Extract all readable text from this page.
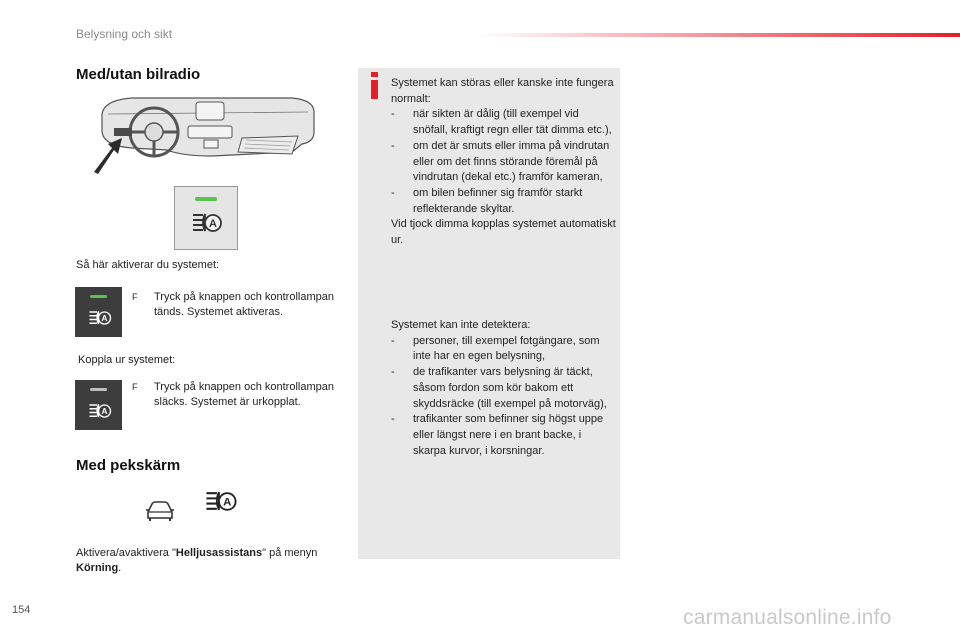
Belysning och sikt
Med/utan bilradio
A
Så här aktiverar du systemet:
A
F Tryck på knappen och kontrollampan tänds. Systemet aktiveras.
Koppla ur systemet:
A
F Tryck på knappen och kontrollampan släcks. Systemet är urkopplat.
Med pekskärm
A
Aktivera/avaktivera "Helljusassistans" på menyn Körning.

Systemet kan störas eller kanske inte fungera normalt:

- när sikten är dålig (till exempel vid snöfall, kraftigt regn eller tät dimma etc.),

- om det är smuts eller imma på vindrutan eller om det finns störande föremål på vindrutan (dekal etc.) framför kameran,

- om bilen befinner sig framför starkt reflekterande skyltar.

Vid tjock dimma kopplas systemet automatiskt ur.

Systemet kan inte detektera:

- personer, till exempel fotgängare, som inte har en egen belysning,

- de trafikanter vars belysning är täckt, såsom fordon som kör bakom ett skyddsräcke (till exempel på motorväg),

- trafikanter som befinner sig högst uppe eller längst nere i en brant backe, i skarpa kurvor, i korsningar.

154	carmanualsonline.info
